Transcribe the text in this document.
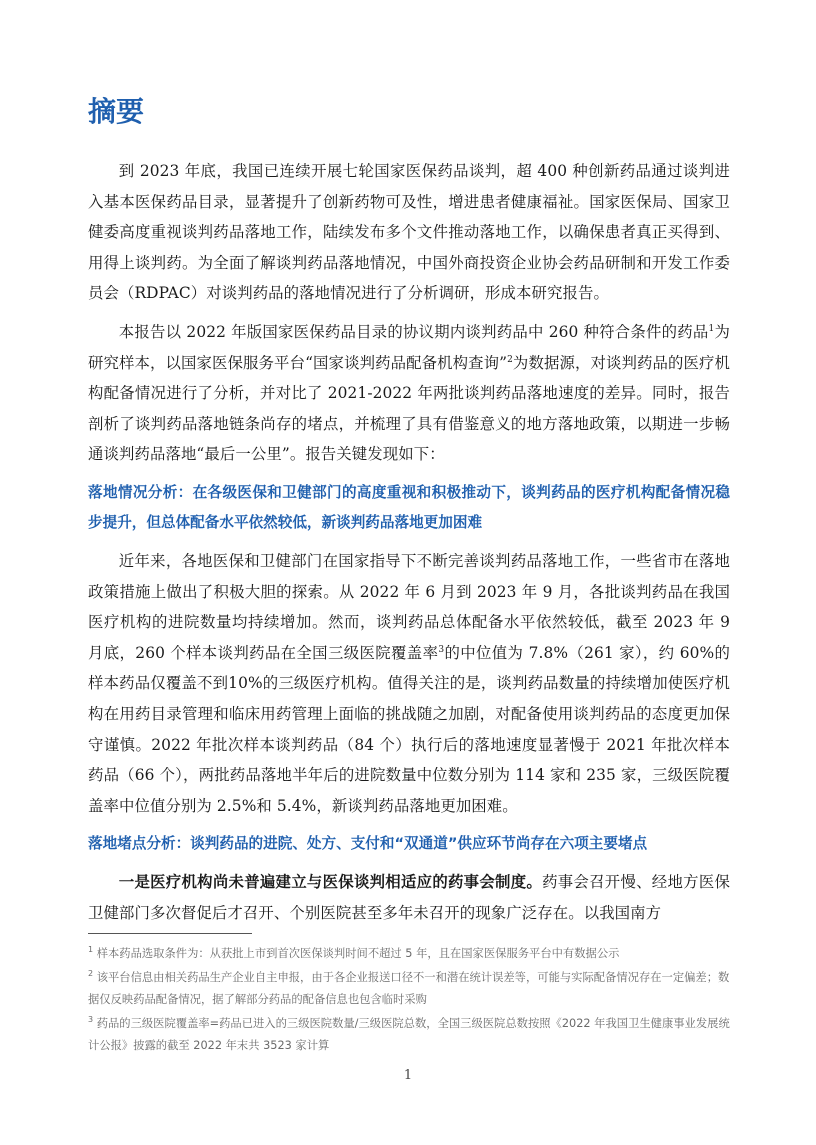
摘要

到 2023 年底，我国已连续开展七轮国家医保药品谈判，超 400 种创新药品通过谈判进入基本医保药品目录，显著提升了创新药物可及性，增进患者健康福祉。国家医保局、国家卫健委高度重视谈判药品落地工作，陆续发布多个文件推动落地工作，以确保患者真正买得到、用得上谈判药。为全面了解谈判药品落地情况，中国外商投资企业协会药品研制和开发工作委员会（RDPAC）对谈判药品的落地情况进行了分析调研，形成本研究报告。

本报告以 2022 年版国家医保药品目录的协议期内谈判药品中 260 种符合条件的药品$^1$为研究样本，以国家医保服务平台“国家谈判药品配备机构查询”$^2$为数据源，对谈判药品的医疗机构配备情况进行了分析，并对比了 2021-2022 年两批谈判药品落地速度的差异。同时，报告剖析了谈判药品落地链条尚存的堵点，并梳理了具有借鉴意义的地方落地政策，以期进一步畅通谈判药品落地“最后一公里”。报告关键发现如下：

落地情况分析：在各级医保和卫健部门的高度重视和积极推动下，谈判药品的医疗机构配备情况稳步提升，但总体配备水平依然较低，新谈判药品落地更加困难

近年来，各地医保和卫健部门在国家指导下不断完善谈判药品落地工作，一些省市在落地政策措施上做出了积极大胆的探索。从 2022 年 6 月到 2023 年 9 月，各批谈判药品在我国医疗机构的进院数量均持续增加。然而，谈判药品总体配备水平依然较低，截至 2023 年 9 月底，260 个样本谈判药品在全国三级医院覆盖率$^3$的中位值为 7.8%（261 家），约 60%的样本药品仅覆盖不到10%的三级医疗机构。值得关注的是，谈判药品数量的持续增加使医疗机构在用药目录管理和临床用药管理上面临的挑战随之加剧，对配备使用谈判药品的态度更加保守谨慎。2022 年批次样本谈判药品（84 个）执行后的落地速度显著慢于 2021 年批次样本药品（66 个），两批药品落地半年后的进院数量中位数分别为 114 家和 235 家，三级医院覆盖率中位值分别为 2.5%和 5.4%，新谈判药品落地更加困难。

落地堵点分析：谈判药品的进院、处方、支付和“双通道”供应环节尚存在六项主要堵点

一是医疗机构尚未普遍建立与医保谈判相适应的药事会制度。药事会召开慢、经地方医保卫健部门多次督促后才召开、个别医院甚至多年未召开的现象广泛存在。以我国南方

$^1$ 样本药品选取条件为：从获批上市到首次医保谈判时间不超过 5 年，且在国家医保服务平台中有数据公示

$^2$ 该平台信息由相关药品生产企业自主申报，由于各企业报送口径不一和潜在统计误差等，可能与实际配备情况存在一定偏差；数据仅反映药品配备情况，据了解部分药品的配备信息也包含临时采购

$^3$ 药品的三级医院覆盖率=药品已进入的三级医院数量/三级医院总数，全国三级医院总数按照《2022 年我国卫生健康事业发展统计公报》披露的截至 2022 年末共 3523 家计算

1
